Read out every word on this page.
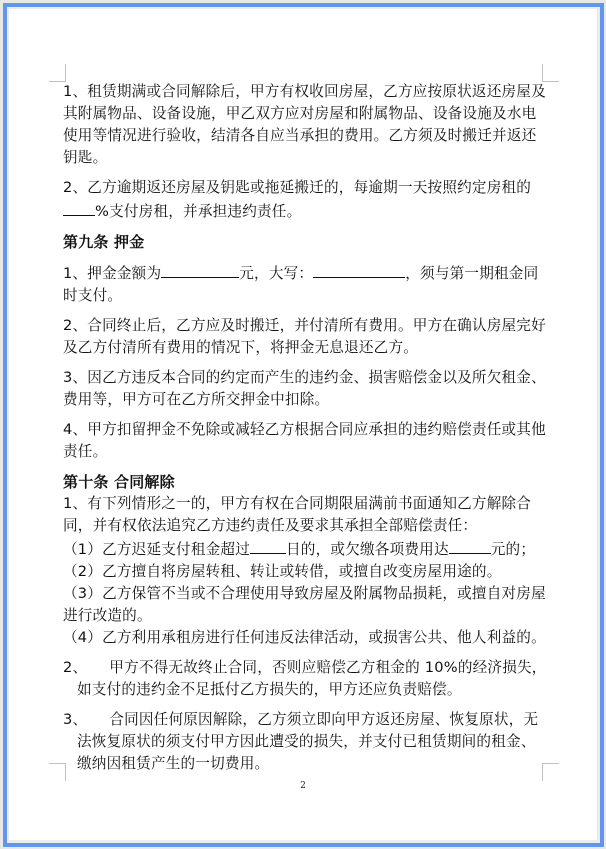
1、租赁期满或合同解除后，甲方有权收回房屋，乙方应按原状返还房屋及其附属物品、设备设施，甲乙双方应对房屋和附属物品、设备设施及水电使用等情况进行验收，结清各自应当承担的费用。乙方须及时搬迁并返还钥匙。

2、乙方逾期返还房屋及钥匙或拖延搬迁的，每逾期一天按照约定房租的%支付房租，并承担违约责任。

第九条 押金

1、押金金额为	元，大写：	，须与第一期租金同时支付。

2、合同终止后，乙方应及时搬迁，并付清所有费用。甲方在确认房屋完好及乙方付清所有费用的情况下，将押金无息退还乙方。

3、因乙方违反本合同的约定而产生的违约金、损害赔偿金以及所欠租金、费用等，甲方可在乙方所交押金中扣除。

4、甲方扣留押金不免除或减轻乙方根据合同应承担的违约赔偿责任或其他责任。

第十条 合同解除

1、有下列情形之一的，甲方有权在合同期限届满前书面通知乙方解除合同，并有权依法追究乙方违约责任及要求其承担全部赔偿责任：

（1）乙方迟延支付租金超过 日的，或欠缴各项费用达	元的；

（2）乙方擅自将房屋转租、转让或转借，或擅自改变房屋用途的。

（3）乙方保管不当或不合理使用导致房屋及附属物品损耗，或擅自对房屋进行改造的。

（4）乙方利用承租房进行任何违反法律活动，或损害公共、他人利益的。

2、 甲方不得无故终止合同，否则应赔偿乙方租金的 10%的经济损失，如支付的违约金不足抵付乙方损失的，甲方还应负责赔偿。

3、 合同因任何原因解除，乙方须立即向甲方返还房屋、恢复原状，无法恢复原状的须支付甲方因此遭受的损失，并支付已租赁期间的租金、缴纳因租赁产生的一切费用。

2
